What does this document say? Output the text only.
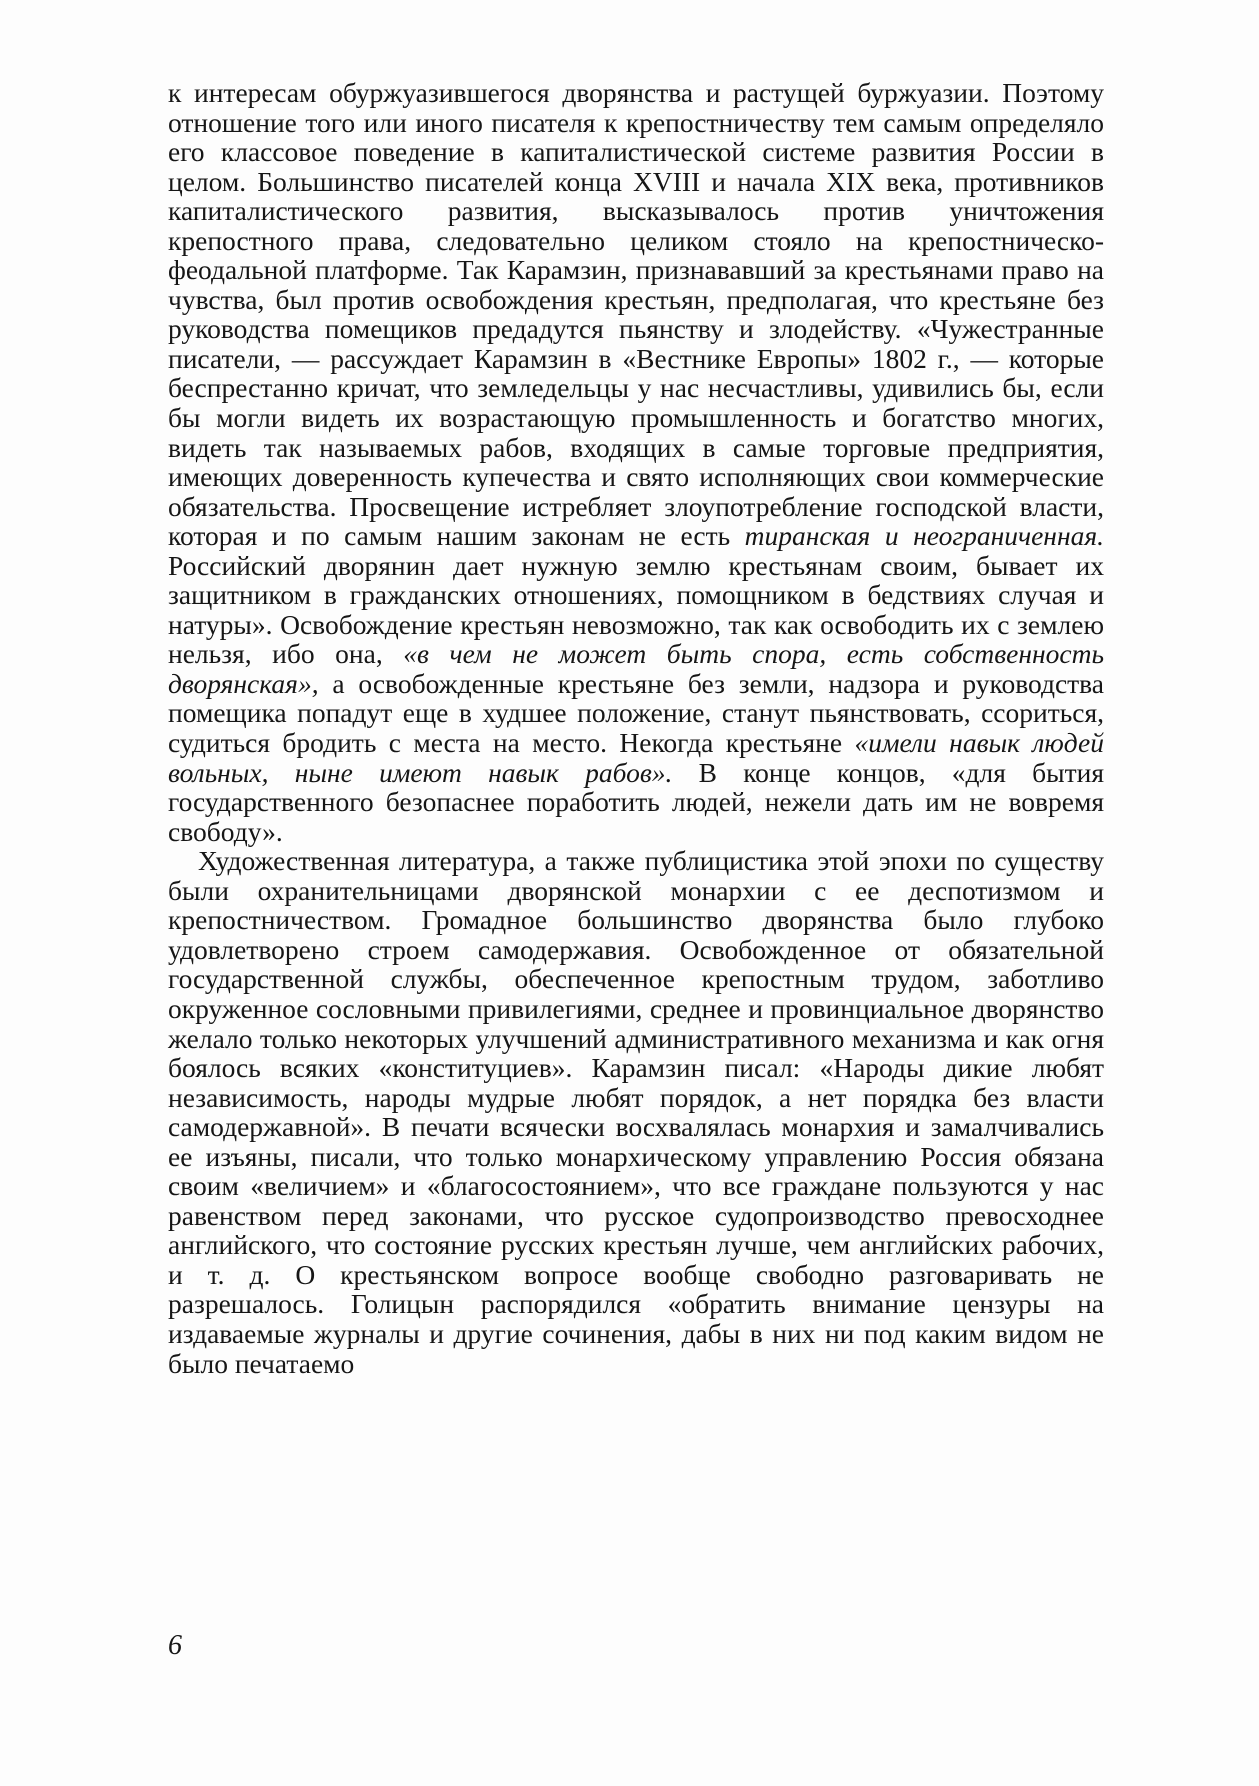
к интересам обуржуазившегося дворянства и растущей буржуазии. Поэтому отношение того или иного писателя к крепостничеству тем самым определяло его классовое поведение в капиталистической системе развития России в целом. Большинство писателей конца XVIII и начала XIX века, противников капиталистического развития, высказывалось против уничтожения крепостного права, следовательно целиком стояло на крепостническо-феодальной платформе. Так Карамзин, признававший за крестьянами право на чувства, был против освобождения крестьян, предполагая, что крестьяне без руководства помещиков предадутся пьянству и злодейству. «Чужестранные писатели, — рассуждает Карамзин в «Вестнике Европы» 1802 г., — которые беспрестанно кричат, что земледельцы у нас несчастливы, удивились бы, если бы могли видеть их возрастающую промышленность и богатство многих, видеть так называемых рабов, входящих в самые торговые предприятия, имеющих доверенность купечества и свято исполняющих свои коммерческие обязательства. Просвещение истребляет злоупотребление господской власти, которая и по самым нашим законам не есть тиранская и неограниченная. Российский дворянин дает нужную землю крестьянам своим, бывает их защитником в гражданских отношениях, помощником в бедствиях случая и натуры». Освобождение крестьян невозможно, так как освободить их с землею нельзя, ибо она, «в чем не может быть спора, есть собственность дворянская», а освобожденные крестьяне без земли, надзора и руководства помещика попадут еще в худшее положение, станут пьянствовать, ссориться, судиться бродить с места на место. Некогда крестьяне «имели навык людей вольных, ныне имеют навык рабов». В конце концов, «для бытия государственного безопаснее поработить людей, нежели дать им не вовремя свободу».

Художественная литература, а также публицистика этой эпохи по существу были охранительницами дворянской монархии с ее деспотизмом и крепостничеством. Громадное большинство дворянства было глубоко удовлетворено строем самодержавия. Освобожденное от обязательной государственной службы, обеспеченное крепостным трудом, заботливо окруженное сословными привилегиями, среднее и провинциальное дворянство желало только некоторых улучшений административного механизма и как огня боялось всяких «конституциев». Карамзин писал: «Народы дикие любят независимость, народы мудрые любят порядок, а нет порядка без власти самодержавной». В печати всячески восхвалялась монархия и замалчивались ее изъяны, писали, что только монархическому управлению Россия обязана своим «величием» и «благосостоянием», что все граждане пользуются у нас равенством перед законами, что русское судопроизводство превосходнее английского, что состояние русских крестьян лучше, чем английских рабочих, и т. д. О крестьянском вопросе вообще свободно разговаривать не разрешалось. Голицын распорядился «обратить внимание цензуры на издаваемые журналы и другие сочинения, дабы в них ни под каким видом не было печатаемо

6
